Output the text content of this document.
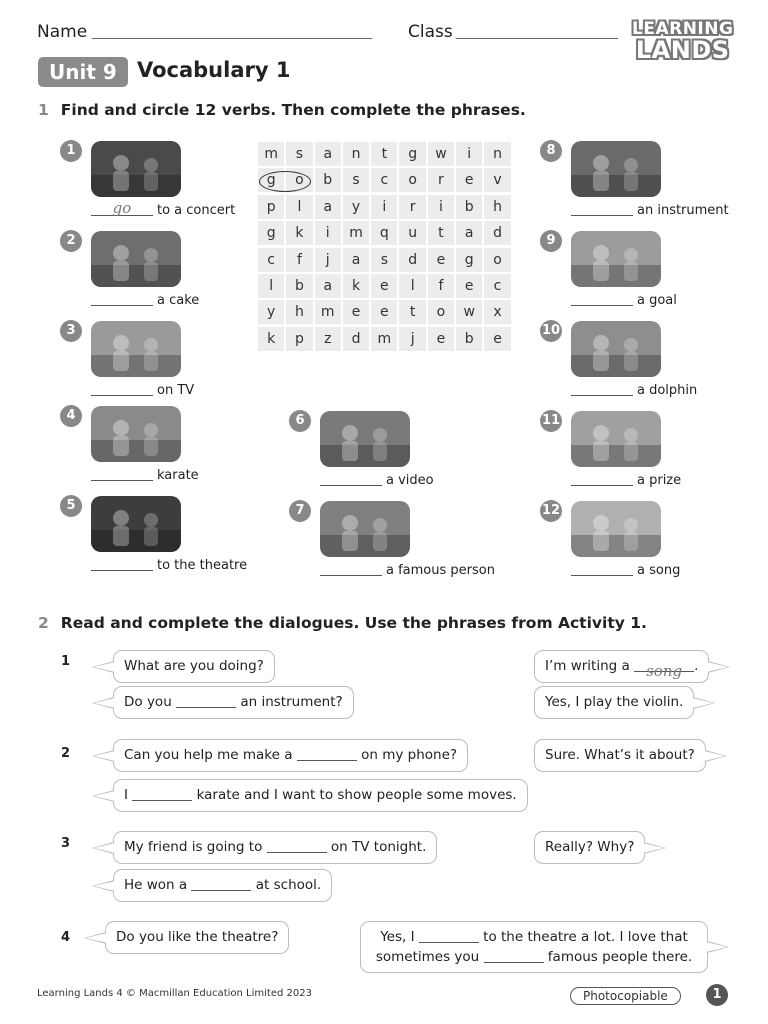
Name	Class	LEARNING
LANDS
Unit 9 Vocabulary 1
1 Find and circle 12 verbs. Then complete the phrases.
m	s	a	n	t	g	w	i	n
g	o	b	s	c	o	r	e	v
p	l	a	y	i	r	i	b	h
g	k	i	m	q	u	t	a	d
c	f	j	a	s	d	e	g	o
l	b	a	k	e	l	f	e	c
y	h	m	e	e	t	o	w	x
k	p	z	d	m	j	e	b	e
1
go	to a concert
2
a cake
3
on TV
4
karate
5
to the theatre
6
a video
7
a famous person
8
an instrument
9
a goal
10
a dolphin
11
a prize
12
a song
2 Read and complete the dialogues. Use the phrases from Activity 1.
1	What are you doing?	I’m writing a song .
Do you	an instrument?	Yes, I play the violin.
2	Can you help me make a	on my phone?	Sure. What’s it about?
I	karate and I want to show people some moves.
3	My friend is going to	on TV tonight.	Really? Why?
He won a	at school.
4	Do you like the theatre?	Yes, I	to the theatre a lot. I love that sometimes you	famous people there.
Learning Lands 4 © Macmillan Education Limited 2023	Photocopiable	1
